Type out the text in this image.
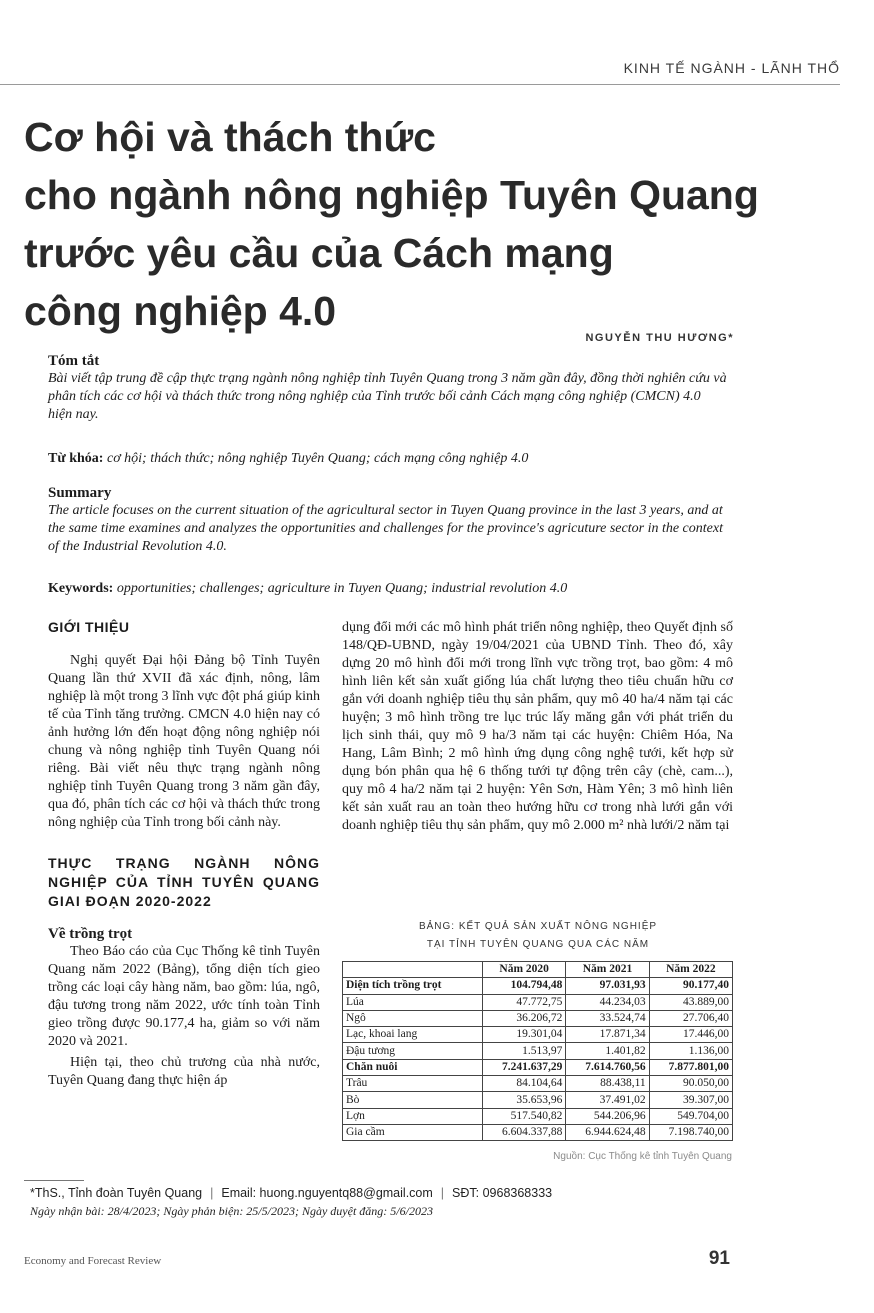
KINH TẾ NGÀNH - LÃNH THỔ
Cơ hội và thách thức
cho ngành nông nghiệp Tuyên Quang
trước yêu cầu của Cách mạng
công nghiệp 4.0
NGUYỄN THU HƯƠNG*
Tóm tắt
Bài viết tập trung đề cập thực trạng ngành nông nghiệp tỉnh Tuyên Quang trong 3 năm gần đây, đồng thời nghiên cứu và phân tích các cơ hội và thách thức trong nông nghiệp của Tỉnh trước bối cảnh Cách mạng công nghiệp (CMCN) 4.0 hiện nay.
Từ khóa: cơ hội; thách thức; nông nghiệp Tuyên Quang; cách mạng công nghiệp 4.0
Summary
The article focuses on the current situation of the agricultural sector in Tuyen Quang province in the last 3 years, and at the same time examines and analyzes the opportunities and challenges for the province's agricuture sector in the context of the Industrial Revolution 4.0.
Keywords: opportunities; challenges; agriculture in Tuyen Quang; industrial revolution 4.0
GIỚI THIỆU

Nghị quyết Đại hội Đảng bộ Tỉnh Tuyên Quang lần thứ XVII đã xác định, nông, lâm nghiệp là một trong 3 lĩnh vực đột phá giúp kinh tế của Tỉnh tăng trưởng. CMCN 4.0 hiện nay có ảnh hưởng lớn đến hoạt động nông nghiệp nói chung và nông nghiệp tỉnh Tuyên Quang nói riêng. Bài viết nêu thực trạng ngành nông nghiệp tỉnh Tuyên Quang trong 3 năm gần đây, qua đó, phân tích các cơ hội và thách thức trong nông nghiệp của Tỉnh trong bối cảnh này.

THỰC TRẠNG NGÀNH NÔNG NGHIỆP CỦA TỈNH TUYÊN QUANG GIAI ĐOẠN 2020-2022
Về trồng trọt

Theo Báo cáo của Cục Thống kê tỉnh Tuyên Quang năm 2022 (Bảng), tổng diện tích gieo trồng các loại cây hàng năm, bao gồm: lúa, ngô, đậu tương trong năm 2022, ước tính toàn Tỉnh gieo trồng được 90.177,4 ha, giảm so với năm 2020 và 2021.

Hiện tại, theo chủ trương của nhà nước, Tuyên Quang đang thực hiện áp

dụng đổi mới các mô hình phát triển nông nghiệp, theo Quyết định số 148/QĐ-UBND, ngày 19/04/2021 của UBND Tỉnh. Theo đó, xây dựng 20 mô hình đổi mới trong lĩnh vực trồng trọt, bao gồm: 4 mô hình liên kết sản xuất giống lúa chất lượng theo tiêu chuẩn hữu cơ gắn với doanh nghiệp tiêu thụ sản phẩm, quy mô 40 ha/4 năm tại các huyện; 3 mô hình trồng tre lục trúc lấy măng gắn với phát triển du lịch sinh thái, quy mô 9 ha/3 năm tại các huyện: Chiêm Hóa, Na Hang, Lâm Bình; 2 mô hình ứng dụng công nghệ tưới, kết hợp sử dụng bón phân qua hệ 6 thống tưới tự động trên cây (chè, cam...), quy mô 4 ha/2 năm tại 2 huyện: Yên Sơn, Hàm Yên; 3 mô hình liên kết sản xuất rau an toàn theo hướng hữu cơ trong nhà lưới gắn với doanh nghiệp tiêu thụ sản phẩm, quy mô 2.000 m² nhà lưới/2 năm tại

BẢNG: KẾT QUẢ SẢN XUẤT NÔNG NGHIỆP
TẠI TỈNH TUYÊN QUANG QUA CÁC NĂM
	Năm 2020	Năm 2021	Năm 2022
Diện tích trồng trọt	104.794,48	97.031,93	90.177,40
Lúa	47.772,75	44.234,03	43.889,00
Ngô	36.206,72	33.524,74	27.706,40
Lạc, khoai lang	19.301,04	17.871,34	17.446,00
Đậu tương	1.513,97	1.401,82	1.136,00
Chăn nuôi	7.241.637,29	7.614.760,56	7.877.801,00
Trâu	84.104,64	88.438,11	90.050,00
Bò	35.653,96	37.491,02	39.307,00
Lợn	517.540,82	544.206,96	549.704,00
Gia cầm	6.604.337,88	6.944.624,48	7.198.740,00
Nguồn: Cục Thống kê tỉnh Tuyên Quang
*ThS., Tỉnh đoàn Tuyên Quang | Email: huong.nguyentq88@gmail.com | SĐT: 0968368333
Ngày nhận bài: 28/4/2023; Ngày phản biện: 25/5/2023; Ngày duyệt đăng: 5/6/2023
Economy and Forecast Review	91
